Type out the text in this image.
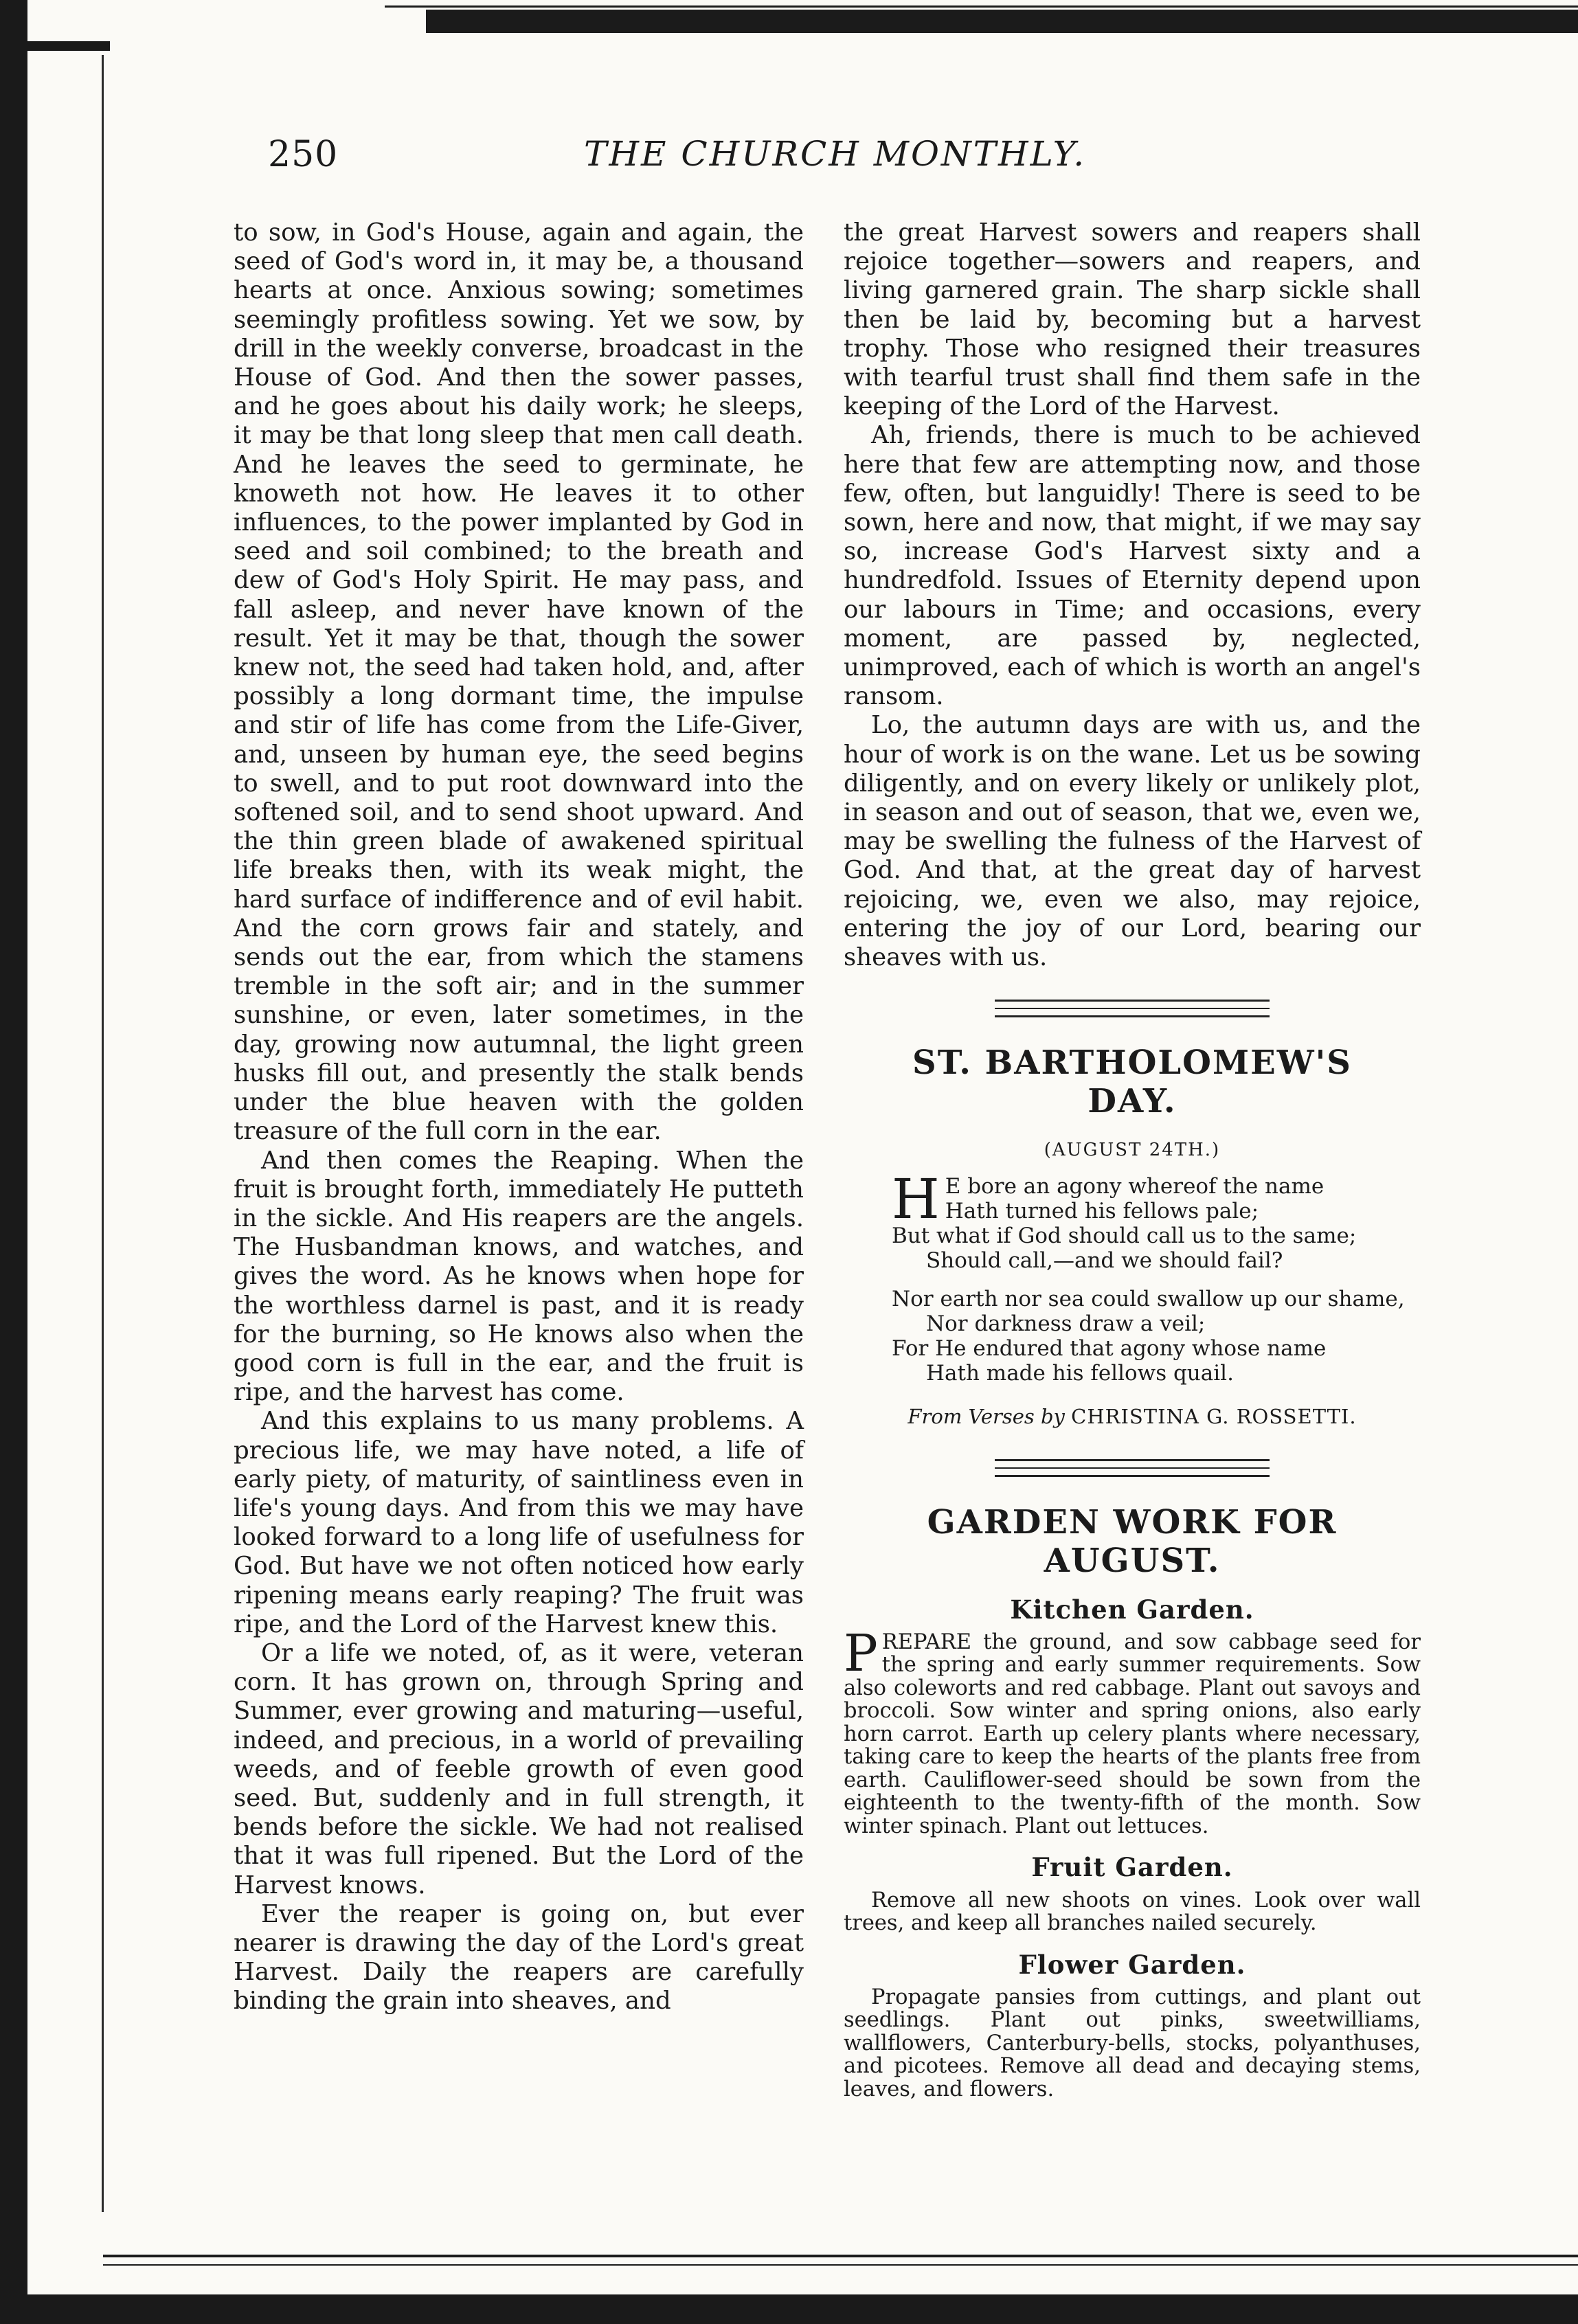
250	THE CHURCH MONTHLY.

to sow, in God's House, again and again, the seed of God's word in, it may be, a thousand hearts at once. Anxious sowing; sometimes seemingly profitless sowing. Yet we sow, by drill in the weekly converse, broadcast in the House of God. And then the sower passes, and he goes about his daily work; he sleeps, it may be that long sleep that men call death. And he leaves the seed to germinate, he knoweth not how. He leaves it to other influences, to the power implanted by God in seed and soil combined; to the breath and dew of God's Holy Spirit. He may pass, and fall asleep, and never have known of the result. Yet it may be that, though the sower knew not, the seed had taken hold, and, after possibly a long dormant time, the impulse and stir of life has come from the Life-Giver, and, unseen by human eye, the seed begins to swell, and to put root downward into the softened soil, and to send shoot upward. And the thin green blade of awakened spiritual life breaks then, with its weak might, the hard surface of indifference and of evil habit. And the corn grows fair and stately, and sends out the ear, from which the stamens tremble in the soft air; and in the summer sunshine, or even, later sometimes, in the day, growing now autumnal, the light green husks fill out, and presently the stalk bends under the blue heaven with the golden treasure of the full corn in the ear.

And then comes the Reaping. When the fruit is brought forth, immediately He putteth in the sickle. And His reapers are the angels. The Husbandman knows, and watches, and gives the word. As he knows when hope for the worthless darnel is past, and it is ready for the burning, so He knows also when the good corn is full in the ear, and the fruit is ripe, and the harvest has come.

And this explains to us many problems. A precious life, we may have noted, a life of early piety, of maturity, of saintliness even in life's young days. And from this we may have looked forward to a long life of usefulness for God. But have we not often noticed how early ripening means early reaping? The fruit was ripe, and the Lord of the Harvest knew this.

Or a life we noted, of, as it were, veteran corn. It has grown on, through Spring and Summer, ever growing and maturing—useful, indeed, and precious, in a world of prevailing weeds, and of feeble growth of even good seed. But, suddenly and in full strength, it bends before the sickle. We had not realised that it was full ripened. But the Lord of the Harvest knows.

Ever the reaper is going on, but ever nearer is drawing the day of the Lord's great Harvest. Daily the reapers are carefully binding the grain into sheaves, and

the great Harvest sowers and reapers shall rejoice together—sowers and reapers, and living garnered grain. The sharp sickle shall then be laid by, becoming but a harvest trophy. Those who resigned their treasures with tearful trust shall find them safe in the keeping of the Lord of the Harvest.

Ah, friends, there is much to be achieved here that few are attempting now, and those few, often, but languidly! There is seed to be sown, here and now, that might, if we may say so, increase God's Harvest sixty and a hundredfold. Issues of Eternity depend upon our labours in Time; and occasions, every moment, are passed by, neglected, unimproved, each of which is worth an angel's ransom.

Lo, the autumn days are with us, and the hour of work is on the wane. Let us be sowing diligently, and on every likely or unlikely plot, in season and out of season, that we, even we, may be swelling the fulness of the Harvest of God. And that, at the great day of harvest rejoicing, we, even we also, may rejoice, entering the joy of our Lord, bearing our sheaves with us.

ST. BARTHOLOMEW'S
DAY.
(AUGUST 24TH.)
H E bore an agony whereof the name
Hath turned his fellows pale;
But what if God should call us to the same;
Should call,—and we should fail?
Nor earth nor sea could swallow up our shame,
Nor darkness draw a veil;
For He endured that agony whose name
Hath made his fellows quail.
From Verses by CHRISTINA G. ROSSETTI.
GARDEN WORK FOR
AUGUST.
Kitchen Garden.
PREPARE the ground, and sow cabbage seed for the spring and early summer requirements. Sow also coleworts and red cabbage. Plant out savoys and broccoli. Sow winter and spring onions, also early horn carrot. Earth up celery plants where necessary, taking care to keep the hearts of the plants free from earth. Cauliflower-seed should be sown from the eighteenth to the twenty-fifth of the month. Sow winter spinach. Plant out lettuces.
Fruit Garden.
Remove all new shoots on vines. Look over wall trees, and keep all branches nailed securely.
Flower Garden.
Propagate pansies from cuttings, and plant out seedlings. Plant out pinks, sweetwilliams, wallflowers, Canterbury-bells, stocks, polyanthuses, and picotees. Remove all dead and decaying stems, leaves, and flowers.
